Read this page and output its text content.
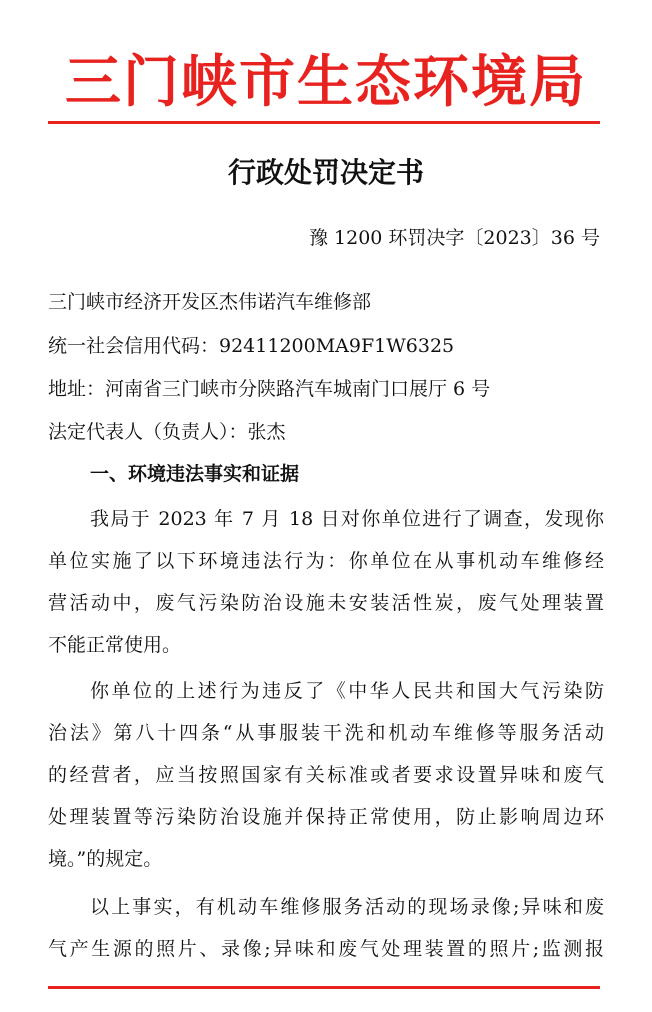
三门峡市生态环境局
行政处罚决定书
豫 1200 环罚决字〔2023〕36 号
三门峡市经济开发区杰伟诺汽车维修部
统一社会信用代码：92411200MA9F1W6325
地址：河南省三门峡市分陕路汽车城南门口展厅 6 号
法定代表人（负责人）：张杰
一、环境违法事实和证据
我局于 2023 年 7 月 18 日对你单位进行了调查，发现你
单位实施了以下环境违法行为：你单位在从事机动车维修经
营活动中，废气污染防治设施未安装活性炭，废气处理装置
不能正常使用。
你单位的上述行为违反了《中华人民共和国大气污染防
治法》第八十四条“从事服装干洗和机动车维修等服务活动
的经营者，应当按照国家有关标准或者要求设置异味和废气
处理装置等污染防治设施并保持正常使用，防止影响周边环
境。”的规定。
以上事实，有机动车维修服务活动的现场录像;异味和废
气产生源的照片、录像;异味和废气处理装置的照片;监测报
